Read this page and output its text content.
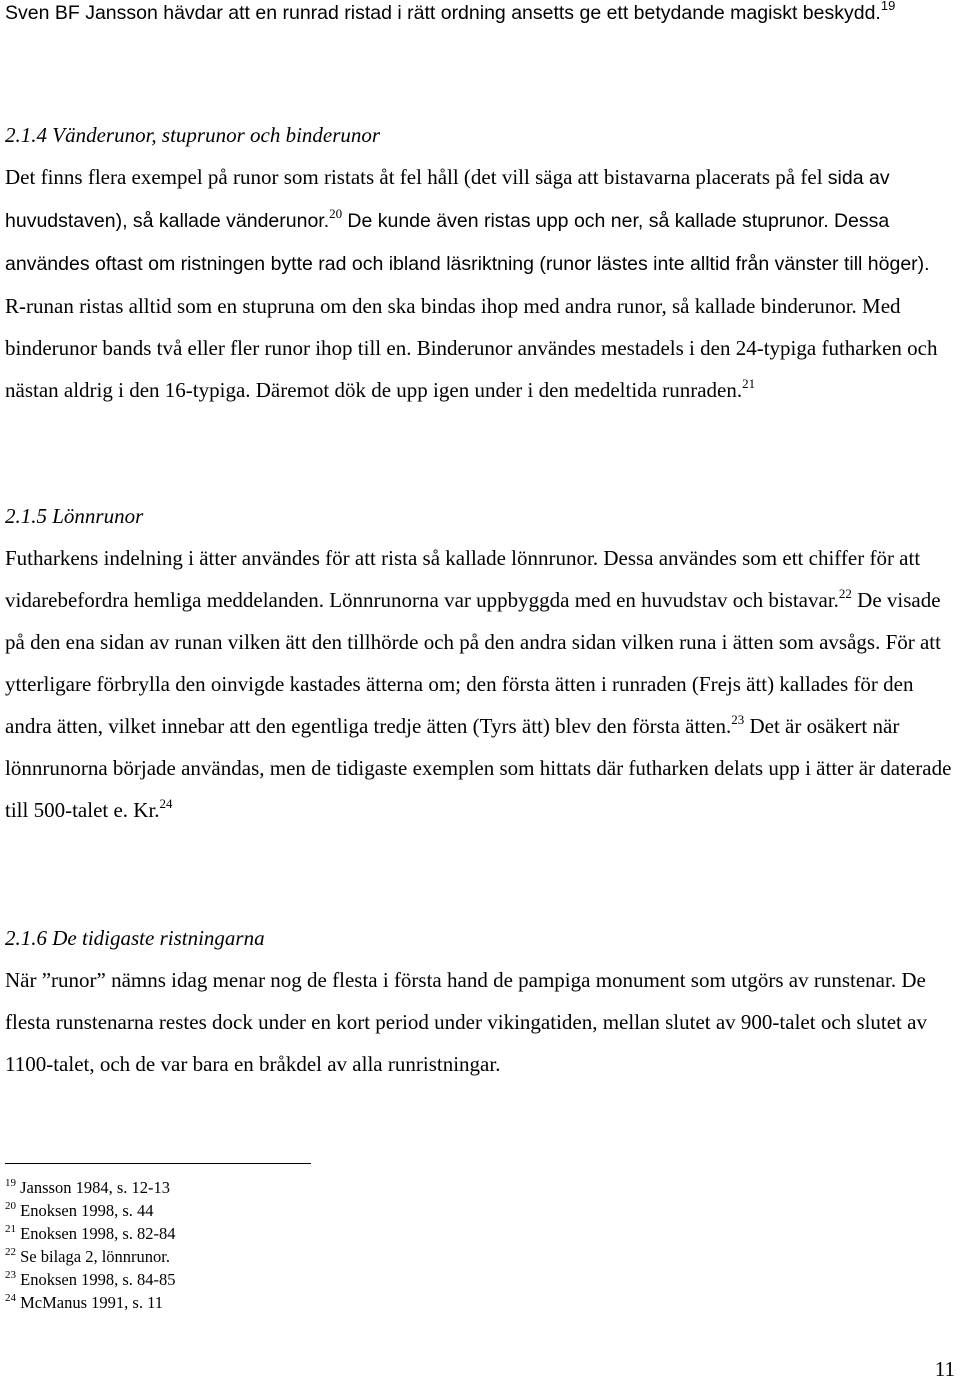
Sven BF Jansson hävdar att en runrad ristad i rätt ordning ansetts ge ett betydande magiskt beskydd.$^{19}$
2.1.4 Vänderunor, stuprunor och binderunor
Det finns flera exempel på runor som ristats åt fel håll (det vill säga att bistavarna placerats på fel sida av huvudstaven), så kallade vänderunor.$^{20}$ De kunde även ristas upp och ner, så kallade stuprunor. Dessa användes oftast om ristningen bytte rad och ibland läsriktning (runor lästes inte alltid från vänster till höger). R-runan ristas alltid som en stupruna om den ska bindas ihop med andra runor, så kallade binderunor. Med binderunor bands två eller fler runor ihop till en. Binderunor användes mestadels i den 24-typiga futharken och nästan aldrig i den 16-typiga. Däremot dök de upp igen under i den medeltida runraden.$^{21}$
2.1.5 Lönnrunor
Futharkens indelning i ätter användes för att rista så kallade lönnrunor. Dessa användes som ett chiffer för att vidarebefordra hemliga meddelanden. Lönnrunorna var uppbyggda med en huvudstav och bistavar.$^{22}$ De visade på den ena sidan av runan vilken ätt den tillhörde och på den andra sidan vilken runa i ätten som avsågs. För att ytterligare förbrylla den oinvigde kastades ätterna om; den första ätten i runraden (Frejs ätt) kallades för den andra ätten, vilket innebar att den egentliga tredje ätten (Tyrs ätt) blev den första ätten.$^{23}$ Det är osäkert när lönnrunorna började användas, men de tidigaste exemplen som hittats där futharken delats upp i ätter är daterade till 500-talet e. Kr.$^{24}$
2.1.6 De tidigaste ristningarna
När ”runor” nämns idag menar nog de flesta i första hand de pampiga monument som utgörs av runstenar. De flesta runstenarna restes dock under en kort period under vikingatiden, mellan slutet av 900-talet och slutet av 1100-talet, och de var bara en bråkdel av alla runristningar.
$^{19}$ Jansson 1984, s. 12-13
$^{20}$ Enoksen 1998, s. 44
$^{21}$ Enoksen 1998, s. 82-84
$^{22}$ Se bilaga 2, lönnrunor.
$^{23}$ Enoksen 1998, s. 84-85
$^{24}$ McManus 1991, s. 11
11
